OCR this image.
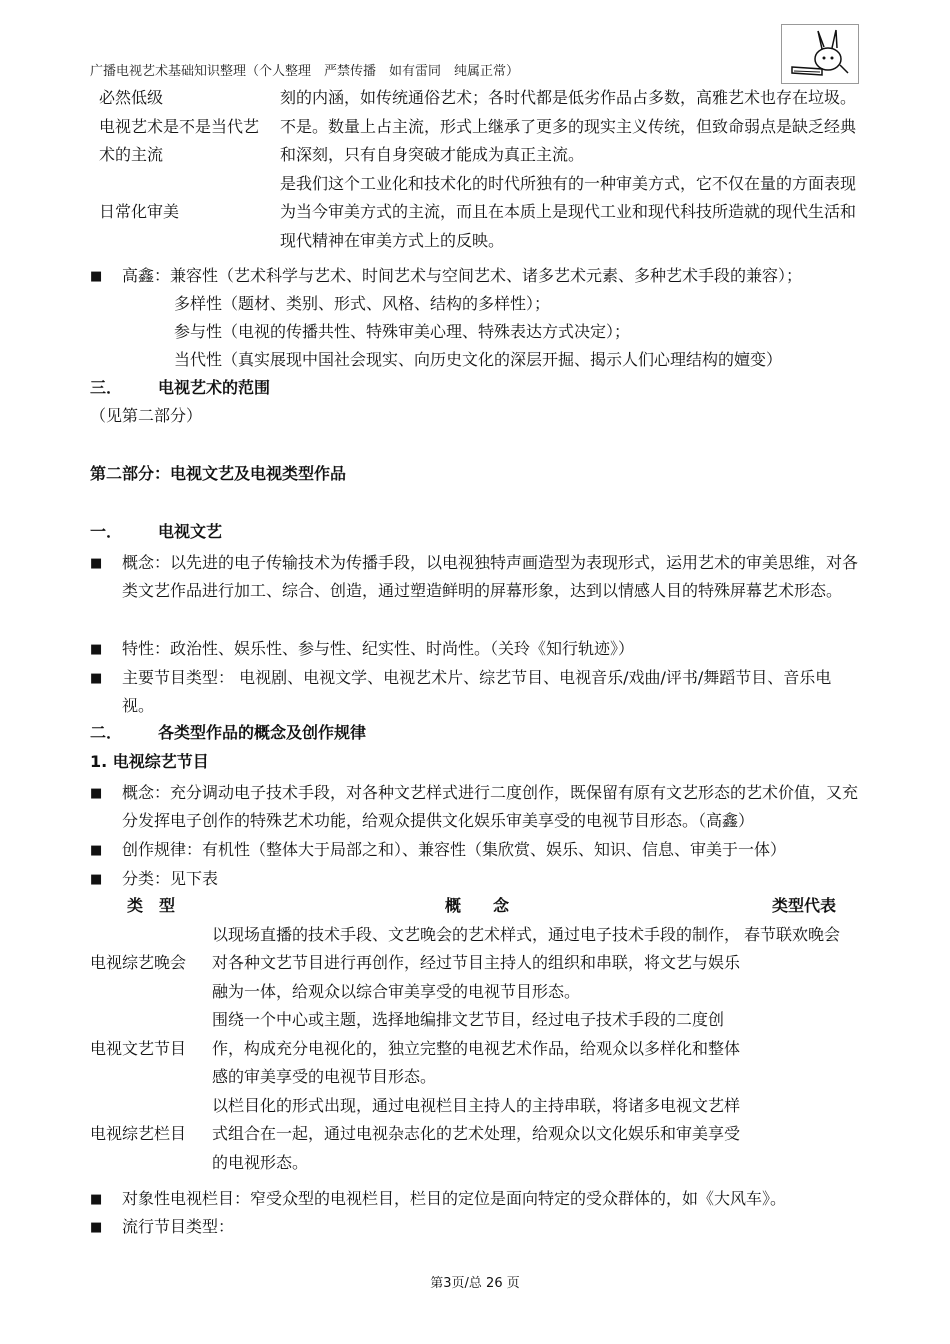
广播电视艺术基础知识整理（个人整理　严禁传播　如有雷同　纯属正常）
必然低级	刻的内涵，如传统通俗艺术；各时代都是低劣作品占多数，高雅艺术也存在垃圾。
电视艺术是不是当代艺术的主流	不是。数量上占主流，形式上继承了更多的现实主义传统，但致命弱点是缺乏经典和深刻，只有自身突破才能成为真正主流。
日常化审美	是我们这个工业化和技术化的时代所独有的一种审美方式，它不仅在量的方面表现为当今审美方式的主流，而且在本质上是现代工业和现代科技所造就的现代生活和现代精神在审美方式上的反映。
■ 高鑫：兼容性（艺术科学与艺术、时间艺术与空间艺术、诸多艺术元素、多种艺术手段的兼容）；
多样性（题材、类别、形式、风格、结构的多样性）；
参与性（电视的传播共性、特殊审美心理、特殊表达方式决定）；
当代性（真实展现中国社会现实、向历史文化的深层开掘、揭示人们心理结构的嬗变）
三． 电视艺术的范围
（见第二部分）
第二部分：电视文艺及电视类型作品
一． 电视文艺
■ 概念：以先进的电子传输技术为传播手段，以电视独特声画造型为表现形式，运用艺术的审美思维，对各类文艺作品进行加工、综合、创造，通过塑造鲜明的屏幕形象，达到以情感人目的特殊屏幕艺术形态。
■ 特性：政治性、娱乐性、参与性、纪实性、时尚性。（关玲《知行轨迹》）
■ 主要节目类型： 电视剧、电视文学、电视艺术片、综艺节目、电视音乐/戏曲/评书/舞蹈节目、音乐电视。
二． 各类型作品的概念及创作规律
1. 电视综艺节目
■ 概念：充分调动电子技术手段，对各种文艺样式进行二度创作，既保留有原有文艺形态的艺术价值，又充分发挥电子创作的特殊艺术功能，给观众提供文化娱乐审美享受的电视节目形态。（高鑫）
■ 创作规律：有机性（整体大于局部之和）、兼容性（集欣赏、娱乐、知识、信息、审美于一体）
■ 分类：见下表
类　型	概　　念	类型代表
电视综艺晚会	以现场直播的技术手段、文艺晚会的艺术样式，通过电子技术手段的制作，对各种文艺节目进行再创作，经过节目主持人的组织和串联，将文艺与娱乐融为一体，给观众以综合审美享受的电视节目形态。	春节联欢晚会
电视文艺节目	围绕一个中心或主题，选择地编排文艺节目，经过电子技术手段的二度创作，构成充分电视化的，独立完整的电视艺术作品，给观众以多样化和整体感的审美享受的电视节目形态。	
电视综艺栏目	以栏目化的形式出现，通过电视栏目主持人的主持串联，将诸多电视文艺样式组合在一起，通过电视杂志化的艺术处理，给观众以文化娱乐和审美享受的电视形态。	
■ 对象性电视栏目：窄受众型的电视栏目，栏目的定位是面向特定的受众群体的，如《大风车》。
■ 流行节目类型：
第3页/总 26 页
